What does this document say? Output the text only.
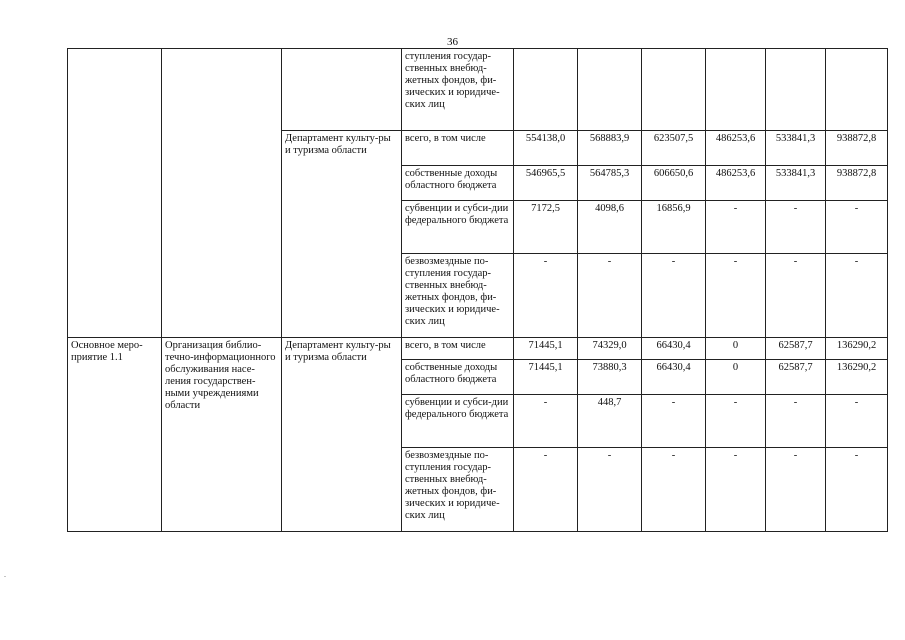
36
			ступления государ-ственных внебюд-жетных фондов, фи-зических и юридиче-ских лиц						
		Департамент культу-ры и туризма области	всего, в том числе	554138,0	568883,9	623507,5	486253,6	533841,3	938872,8
			собственные доходы областного бюджета	546965,5	564785,3	606650,6	486253,6	533841,3	938872,8
			субвенции и субси-дии федерального бюджета	7172,5	4098,6	16856,9	-	-	-
			безвозмездные по-ступления государ-ственных внебюд-жетных фондов, фи-зических и юридиче-ских лиц	-	-	-	-	-	-
Основное меро-приятие 1.1	Организация библио-течно-информационного обслуживания насе-ления государствен-ными учреждениями области	Департамент культу-ры и туризма области	всего, в том числе	71445,1	74329,0	66430,4	0	62587,7	136290,2
			собственные доходы областного бюджета	71445,1	73880,3	66430,4	0	62587,7	136290,2
			субвенции и субси-дии федерального бюджета	-	448,7	-	-	-	-
			безвозмездные по-ступления государ-ственных внебюд-жетных фондов, фи-зических и юридиче-ских лиц	-	-	-	-	-	-
.
